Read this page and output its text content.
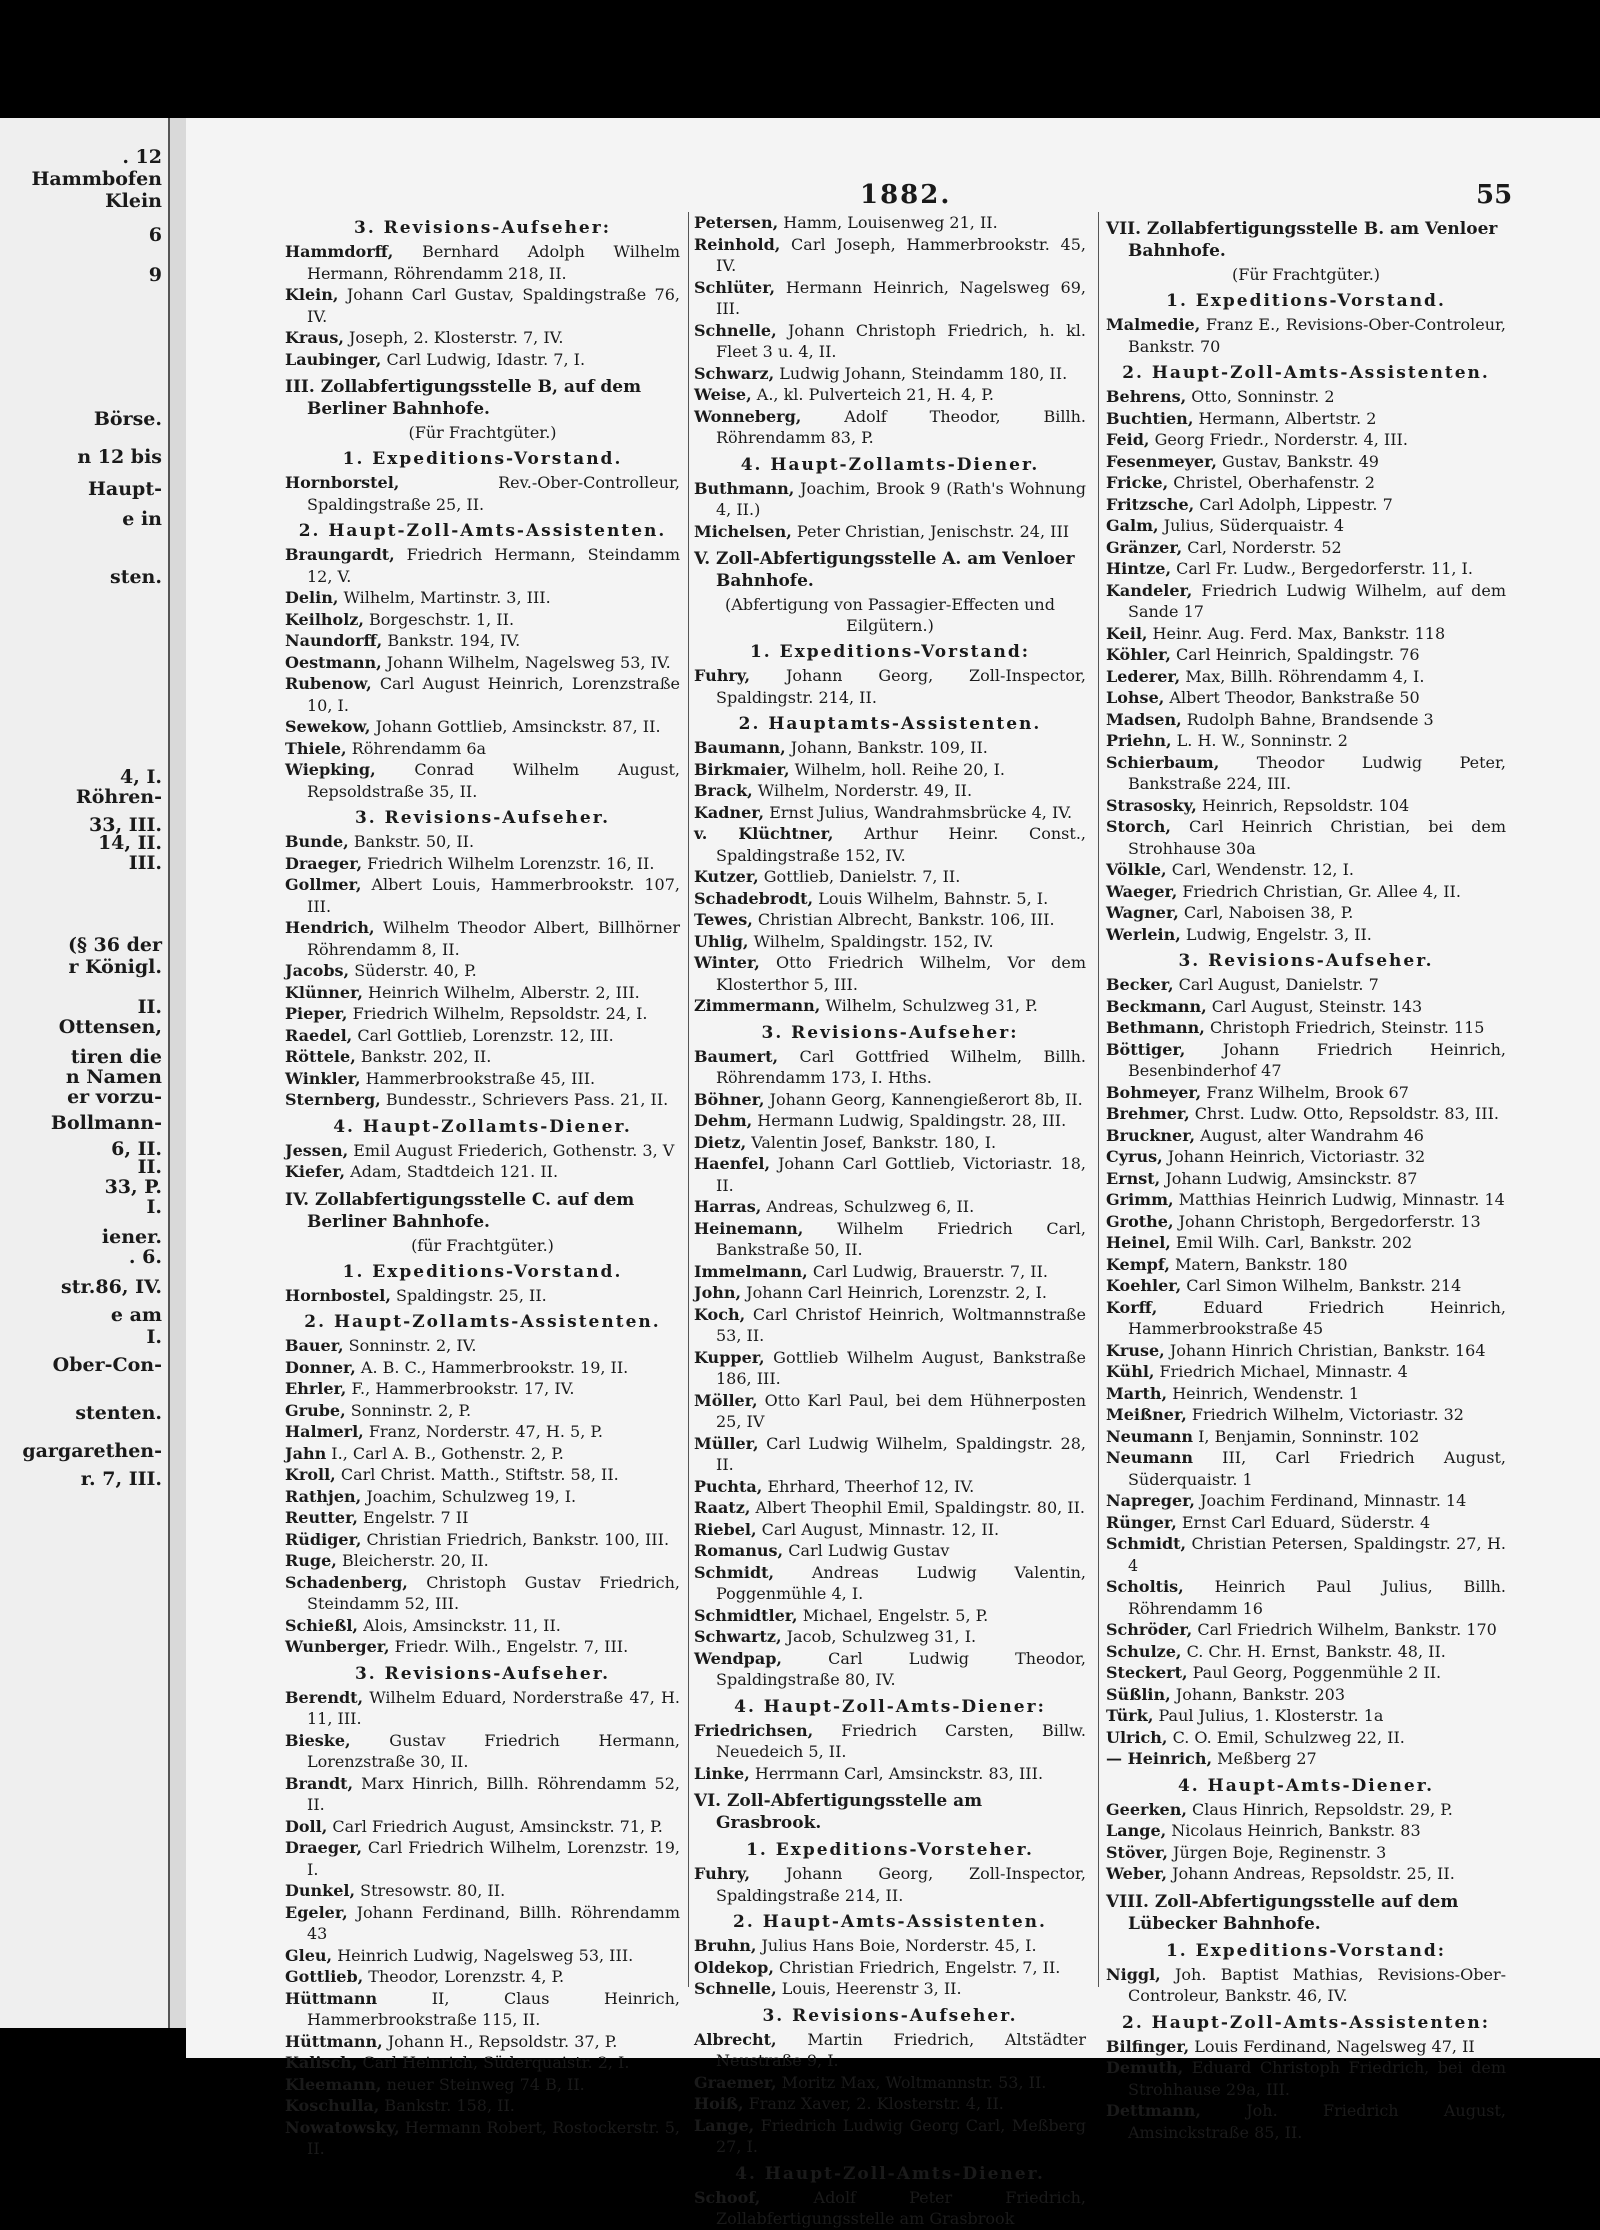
. 12
Hammbofen
Klein
6
9
Börse.
n 12 bis
Haupt-
e in
sten.
4, I.
Röhren-
33, III.
14, II.
III.
(§ 36 der
r Königl.
II.
Ottensen,
tiren die
n Namen
er vorzu-
Bollmann-
6, II.
II.
33, P.
I.
iener.
. 6.
str.86, IV.
e am
I.
Ober-Con-
stenten.
gargarethen-
r. 7, III.
1882.	55
3. Revisions-Aufseher:
Hammdorff, Bernhard Adolph Wilhelm Hermann, Röhrendamm 218, II.
Klein, Johann Carl Gustav, Spaldingstraße 76, IV.
Kraus, Joseph, 2. Klosterstr. 7, IV.
Laubinger, Carl Ludwig, Idastr. 7, I.
III. Zollabfertigungsstelle B, auf dem Berliner Bahnhofe.
(Für Frachtgüter.)
1. Expeditions-Vorstand.
Hornborstel, Rev.-Ober-Controlleur, Spaldingstraße 25, II.
2. Haupt-Zoll-Amts-Assistenten.
Braungardt, Friedrich Hermann, Steindamm 12, V.
Delin, Wilhelm, Martinstr. 3, III.
Keilholz, Borgeschstr. 1, II.
Naundorff, Bankstr. 194, IV.
Oestmann, Johann Wilhelm, Nagelsweg 53, IV.
Rubenow, Carl August Heinrich, Lorenzstraße 10, I.
Sewekow, Johann Gottlieb, Amsinckstr. 87, II.
Thiele, Röhrendamm 6a
Wiepking, Conrad Wilhelm August, Repsoldstraße 35, II.
3. Revisions-Aufseher.
Bunde, Bankstr. 50, II.
Draeger, Friedrich Wilhelm Lorenzstr. 16, II.
Gollmer, Albert Louis, Hammerbrookstr. 107, III.
Hendrich, Wilhelm Theodor Albert, Billhörner Röhrendamm 8, II.
Jacobs, Süderstr. 40, P.
Klünner, Heinrich Wilhelm, Alberstr. 2, III.
Pieper, Friedrich Wilhelm, Repsoldstr. 24, I.
Raedel, Carl Gottlieb, Lorenzstr. 12, III.
Röttele, Bankstr. 202, II.
Winkler, Hammerbrookstraße 45, III.
Sternberg, Bundesstr., Schrievers Pass. 21, II.
4. Haupt-Zollamts-Diener.
Jessen, Emil August Friederich, Gothenstr. 3, V
Kiefer, Adam, Stadtdeich 121. II.
IV. Zollabfertigungsstelle C. auf dem Berliner Bahnhofe.
(für Frachtgüter.)
1. Expeditions-Vorstand.
Hornbostel, Spaldingstr. 25, II.
2. Haupt-Zollamts-Assistenten.
Bauer, Sonninstr. 2, IV.
Donner, A. B. C., Hammerbrookstr. 19, II.
Ehrler, F., Hammerbrookstr. 17, IV.
Grube, Sonninstr. 2, P.
Halmerl, Franz, Norderstr. 47, H. 5, P.
Jahn I., Carl A. B., Gothenstr. 2, P.
Kroll, Carl Christ. Matth., Stiftstr. 58, II.
Rathjen, Joachim, Schulzweg 19, I.
Reutter, Engelstr. 7 II
Rüdiger, Christian Friedrich, Bankstr. 100, III.
Ruge, Bleicherstr. 20, II.
Schadenberg, Christoph Gustav Friedrich, Steindamm 52, III.
Schießl, Alois, Amsinckstr. 11, II.
Wunberger, Friedr. Wilh., Engelstr. 7, III.
3. Revisions-Aufseher.
Berendt, Wilhelm Eduard, Norderstraße 47, H. 11, III.
Bieske, Gustav Friedrich Hermann, Lorenzstraße 30, II.
Brandt, Marx Hinrich, Billh. Röhrendamm 52, II.
Doll, Carl Friedrich August, Amsinckstr. 71, P.
Draeger, Carl Friedrich Wilhelm, Lorenzstr. 19, I.
Dunkel, Stresowstr. 80, II.
Egeler, Johann Ferdinand, Billh. Röhrendamm 43
Gleu, Heinrich Ludwig, Nagelsweg 53, III.
Gottlieb, Theodor, Lorenzstr. 4, P.
Hüttmann II, Claus Heinrich, Hammerbrookstraße 115, II.
Hüttmann, Johann H., Repsoldstr. 37, P.
Kalisch, Carl Heinrich, Süderquaistr. 2, I.
Kleemann, neuer Steinweg 74 B, II.
Koschulla, Bankstr. 158, II.
Nowatowsky, Hermann Robert, Rostockerstr. 5, II.
Petersen, Hamm, Louisenweg 21, II.
Reinhold, Carl Joseph, Hammerbrookstr. 45, IV.
Schlüter, Hermann Heinrich, Nagelsweg 69, III.
Schnelle, Johann Christoph Friedrich, h. kl. Fleet 3 u. 4, II.
Schwarz, Ludwig Johann, Steindamm 180, II.
Weise, A., kl. Pulverteich 21, H. 4, P.
Wonneberg, Adolf Theodor, Billh. Röhrendamm 83, P.
4. Haupt-Zollamts-Diener.
Buthmann, Joachim, Brook 9 (Rath's Wohnung 4, II.)
Michelsen, Peter Christian, Jenischstr. 24, III
V. Zoll-Abfertigungsstelle A. am Venloer Bahnhofe.
(Abfertigung von Passagier-Effecten und Eilgütern.)
1. Expeditions-Vorstand:
Fuhry, Johann Georg, Zoll-Inspector, Spaldingstr. 214, II.
2. Hauptamts-Assistenten.
Baumann, Johann, Bankstr. 109, II.
Birkmaier, Wilhelm, holl. Reihe 20, I.
Brack, Wilhelm, Norderstr. 49, II.
Kadner, Ernst Julius, Wandrahmsbrücke 4, IV.
v. Klüchtner, Arthur Heinr. Const., Spaldingstraße 152, IV.
Kutzer, Gottlieb, Danielstr. 7, II.
Schadebrodt, Louis Wilhelm, Bahnstr. 5, I.
Tewes, Christian Albrecht, Bankstr. 106, III.
Uhlig, Wilhelm, Spaldingstr. 152, IV.
Winter, Otto Friedrich Wilhelm, Vor dem Klosterthor 5, III.
Zimmermann, Wilhelm, Schulzweg 31, P.
3. Revisions-Aufseher:
Baumert, Carl Gottfried Wilhelm, Billh. Röhrendamm 173, I. Hths.
Böhner, Johann Georg, Kannengießerort 8b, II.
Dehm, Hermann Ludwig, Spaldingstr. 28, III.
Dietz, Valentin Josef, Bankstr. 180, I.
Haenfel, Johann Carl Gottlieb, Victoriastr. 18, II.
Harras, Andreas, Schulzweg 6, II.
Heinemann, Wilhelm Friedrich Carl, Bankstraße 50, II.
Immelmann, Carl Ludwig, Brauerstr. 7, II.
John, Johann Carl Heinrich, Lorenzstr. 2, I.
Koch, Carl Christof Heinrich, Woltmannstraße 53, II.
Kupper, Gottlieb Wilhelm August, Bankstraße 186, III.
Möller, Otto Karl Paul, bei dem Hühnerposten 25, IV
Müller, Carl Ludwig Wilhelm, Spaldingstr. 28, II.
Puchta, Ehrhard, Theerhof 12, IV.
Raatz, Albert Theophil Emil, Spaldingstr. 80, II.
Riebel, Carl August, Minnastr. 12, II.
Romanus, Carl Ludwig Gustav
Schmidt, Andreas Ludwig Valentin, Poggenmühle 4, I.
Schmidtler, Michael, Engelstr. 5, P.
Schwartz, Jacob, Schulzweg 31, I.
Wendpap, Carl Ludwig Theodor, Spaldingstraße 80, IV.
4. Haupt-Zoll-Amts-Diener:
Friedrichsen, Friedrich Carsten, Billw. Neuedeich 5, II.
Linke, Herrmann Carl, Amsinckstr. 83, III.
VI. Zoll-Abfertigungsstelle am Grasbrook.
1. Expeditions-Vorsteher.
Fuhry, Johann Georg, Zoll-Inspector, Spaldingstraße 214, II.
2. Haupt-Amts-Assistenten.
Bruhn, Julius Hans Boie, Norderstr. 45, I.
Oldekop, Christian Friedrich, Engelstr. 7, II.
Schnelle, Louis, Heerenstr 3, II.
3. Revisions-Aufseher.
Albrecht, Martin Friedrich, Altstädter Neustraße 9, I.
Graemer, Moritz Max, Woltmannstr. 53, II.
Hoiß, Franz Xaver, 2. Klosterstr. 4, II.
Lange, Friedrich Ludwig Georg Carl, Meßberg 27, I.
4. Haupt-Zoll-Amts-Diener.
Schoof, Adolf Peter Friedrich, Zollabfertigungsstelle am Grasbrook
VII. Zollabfertigungsstelle B. am Venloer Bahnhofe.
(Für Frachtgüter.)
1. Expeditions-Vorstand.
Malmedie, Franz E., Revisions-Ober-Controleur, Bankstr. 70
2. Haupt-Zoll-Amts-Assistenten.
Behrens, Otto, Sonninstr. 2
Buchtien, Hermann, Albertstr. 2
Feid, Georg Friedr., Norderstr. 4, III.
Fesenmeyer, Gustav, Bankstr. 49
Fricke, Christel, Oberhafenstr. 2
Fritzsche, Carl Adolph, Lippestr. 7
Galm, Julius, Süderquaistr. 4
Gränzer, Carl, Norderstr. 52
Hintze, Carl Fr. Ludw., Bergedorferstr. 11, I.
Kandeler, Friedrich Ludwig Wilhelm, auf dem Sande 17
Keil, Heinr. Aug. Ferd. Max, Bankstr. 118
Köhler, Carl Heinrich, Spaldingstr. 76
Lederer, Max, Billh. Röhrendamm 4, I.
Lohse, Albert Theodor, Bankstraße 50
Madsen, Rudolph Bahne, Brandsende 3
Priehn, L. H. W., Sonninstr. 2
Schierbaum, Theodor Ludwig Peter, Bankstraße 224, III.
Strasosky, Heinrich, Repsoldstr. 104
Storch, Carl Heinrich Christian, bei dem Strohhause 30a
Völkle, Carl, Wendenstr. 12, I.
Waeger, Friedrich Christian, Gr. Allee 4, II.
Wagner, Carl, Naboisen 38, P.
Werlein, Ludwig, Engelstr. 3, II.
3. Revisions-Aufseher.
Becker, Carl August, Danielstr. 7
Beckmann, Carl August, Steinstr. 143
Bethmann, Christoph Friedrich, Steinstr. 115
Böttiger, Johann Friedrich Heinrich, Besenbinderhof 47
Bohmeyer, Franz Wilhelm, Brook 67
Brehmer, Chrst. Ludw. Otto, Repsoldstr. 83, III.
Bruckner, August, alter Wandrahm 46
Cyrus, Johann Heinrich, Victoriastr. 32
Ernst, Johann Ludwig, Amsinckstr. 87
Grimm, Matthias Heinrich Ludwig, Minnastr. 14
Grothe, Johann Christoph, Bergedorferstr. 13
Heinel, Emil Wilh. Carl, Bankstr. 202
Kempf, Matern, Bankstr. 180
Koehler, Carl Simon Wilhelm, Bankstr. 214
Korff, Eduard Friedrich Heinrich, Hammerbrookstraße 45
Kruse, Johann Hinrich Christian, Bankstr. 164
Kühl, Friedrich Michael, Minnastr. 4
Marth, Heinrich, Wendenstr. 1
Meißner, Friedrich Wilhelm, Victoriastr. 32
Neumann I, Benjamin, Sonninstr. 102
Neumann III, Carl Friedrich August, Süderquaistr. 1
Napreger, Joachim Ferdinand, Minnastr. 14
Rünger, Ernst Carl Eduard, Süderstr. 4
Schmidt, Christian Petersen, Spaldingstr. 27, H. 4
Scholtis, Heinrich Paul Julius, Billh. Röhrendamm 16
Schröder, Carl Friedrich Wilhelm, Bankstr. 170
Schulze, C. Chr. H. Ernst, Bankstr. 48, II.
Steckert, Paul Georg, Poggenmühle 2 II.
Süßlin, Johann, Bankstr. 203
Türk, Paul Julius, 1. Klosterstr. 1a
Ulrich, C. O. Emil, Schulzweg 22, II.
— Heinrich, Meßberg 27
4. Haupt-Amts-Diener.
Geerken, Claus Hinrich, Repsoldstr. 29, P.
Lange, Nicolaus Heinrich, Bankstr. 83
Stöver, Jürgen Boje, Reginenstr. 3
Weber, Johann Andreas, Repsoldstr. 25, II.
VIII. Zoll-Abfertigungsstelle auf dem Lübecker Bahnhofe.
1. Expeditions-Vorstand:
Niggl, Joh. Baptist Mathias, Revisions-Ober-Controleur, Bankstr. 46, IV.
2. Haupt-Zoll-Amts-Assistenten:
Bilfinger, Louis Ferdinand, Nagelsweg 47, II
Demuth, Eduard Christoph Friedrich, bei dem Strohhause 29a, III.
Dettmann, Joh. Friedrich August, Amsinckstraße 85, II.
